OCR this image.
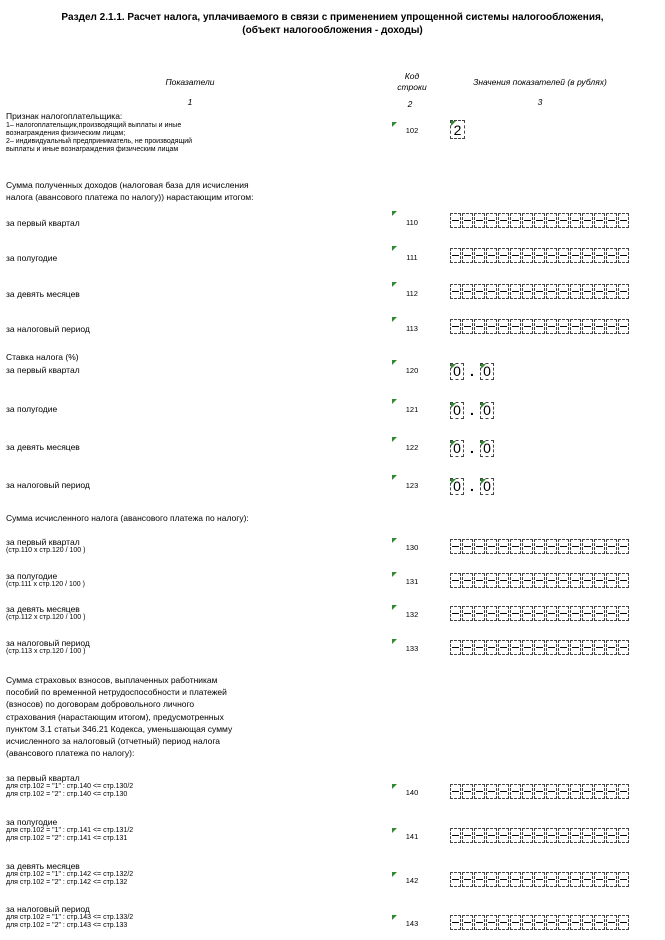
Раздел 2.1.1. Расчет налога, уплачиваемого в связи с применением упрощенной системы налогообложения,
(объект налогообложения - доходы)
Показатели
Код
строки	Значения показателей (в рублях)
1	2	3
Признак налогоплательщика:
1– налогоплательщик,производящий выплаты и иные
вознаграждения физическим лицам;
2– индивидуальный предприниматель, не производящий
выплаты и иные вознаграждения физическим лицам
102	2
Сумма полученных доходов (налоговая база для исчисления
налога (авансового платежа по налогу)) нарастающим итогом:
за первый квартал	110
за полугодие	111
за девять месяцев	112
за налоговый период	113
Ставка налога (%)
за первый квартал	120	0 . 0
за полугодие	121	0 . 0
за девять месяцев	122	0 . 0
за налоговый период	123	0 . 0
Сумма исчисленного налога (авансового платежа по налогу):
за первый квартал
(стр.110 х стр.120 / 100 )	130
за полугодие
(стр.111 х стр.120 / 100 )	131
за девять месяцев
(стр.112 х стр.120 / 100 )	132
за налоговый период
(стр.113 х стр.120 / 100 )	133
Сумма страховых взносов, выплаченных работникам
пособий по временной нетрудоспособности и платежей
(взносов) по договорам добровольного личного
страхования (нарастающим итогом), предусмотренных
пунктом 3.1 статьи 346.21 Кодекса, уменьшающая сумму
исчисленного за налоговый (отчетный) период налога
(авансового платежа по налогу):
за первый квартал
для стр.102 = "1" : стр.140 <= стр.130/2
для стр.102 = "2" : стр.140 <= стр.130	140
за полугодие
для стр.102 = "1" : стр.141 <= стр.131/2
для стр.102 = "2" : стр.141 <= стр.131	141
за девять месяцев
для стр.102 = "1" : стр.142 <= стр.132/2
для стр.102 = "2" : стр.142 <= стр.132	142
за налоговый период
для стр.102 = "1" : стр.143 <= стр.133/2
для стр.102 = "2" : стр.143 <= стр.133	143
